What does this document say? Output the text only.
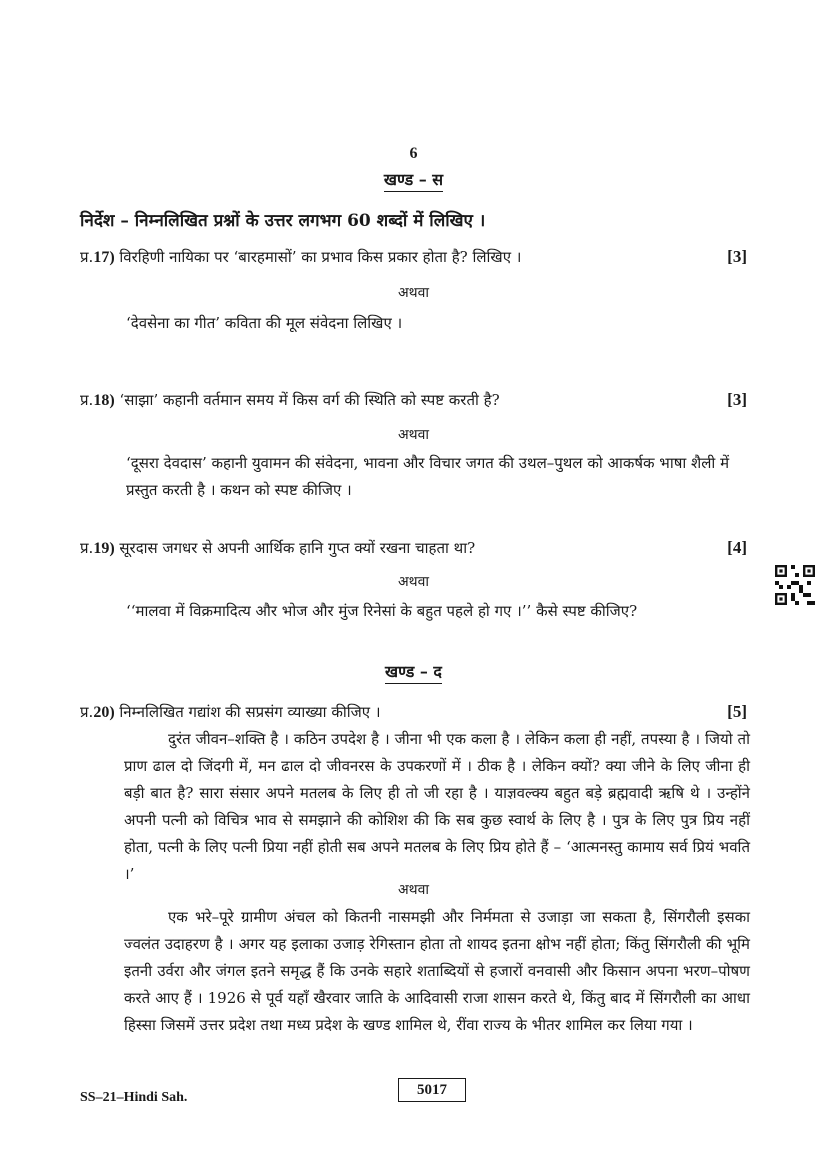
6
खण्ड – स
निर्देश – निम्नलिखित प्रश्नों के उत्तर लगभग 60 शब्दों में लिखिए ।
प्र.17) विरहिणी नायिका पर ‘बारहमासों’ का प्रभाव किस प्रकार होता है? लिखिए ।	[3]
अथवा
‘देवसेना का गीत’ कविता की मूल संवेदना लिखिए ।
प्र.18) ‘साझा’ कहानी वर्तमान समय में किस वर्ग की स्थिति को स्पष्ट करती है?	[3]
अथवा
‘दूसरा देवदास’ कहानी युवामन की संवेदना, भावना और विचार जगत की उथल–पुथल को आकर्षक भाषा शैली में प्रस्तुत करती है । कथन को स्पष्ट कीजिए ।
प्र.19) सूरदास जगधर से अपनी आर्थिक हानि गुप्त क्यों रखना चाहता था?	[4]
अथवा
‘‘मालवा में विक्रमादित्य और भोज और मुंज रिनेसां के बहुत पहले हो गए ।’’ कैसे स्पष्ट कीजिए?
खण्ड – द
प्र.20) निम्नलिखित गद्यांश की सप्रसंग व्याख्या कीजिए ।	[5]

दुरंत जीवन–शक्ति है । कठिन उपदेश है । जीना भी एक कला है । लेकिन कला ही नहीं, तपस्या है । जियो तो प्राण ढाल दो जिंदगी में, मन ढाल दो जीवनरस के उपकरणों में । ठीक है । लेकिन क्यों? क्या जीने के लिए जीना ही बड़ी बात है? सारा संसार अपने मतलब के लिए ही तो जी रहा है । याज्ञवल्क्य बहुत बड़े ब्रह्मवादी ऋषि थे । उन्होंने अपनी पत्नी को विचित्र भाव से समझाने की कोशिश की कि सब कुछ स्वार्थ के लिए है । पुत्र के लिए पुत्र प्रिय नहीं होता, पत्नी के लिए पत्नी प्रिया नहीं होती सब अपने मतलब के लिए प्रिय होते हैं – ‘आत्मनस्तु कामाय सर्व प्रियं भवति ।’

अथवा

एक भरे–पूरे ग्रामीण अंचल को कितनी नासमझी और निर्ममता से उजाड़ा जा सकता है, सिंगरौली इसका ज्वलंत उदाहरण है । अगर यह इलाका उजाड़ रेगिस्तान होता तो शायद इतना क्षोभ नहीं होता; किंतु सिंगरौली की भूमि इतनी उर्वरा और जंगल इतने समृद्ध हैं कि उनके सहारे शताब्दियों से हजारों वनवासी और किसान अपना भरण–पोषण करते आए हैं । 1926 से पूर्व यहाँ खैरवार जाति के आदिवासी राजा शासन करते थे, किंतु बाद में सिंगरौली का आधा हिस्सा जिसमें उत्तर प्रदेश तथा मध्य प्रदेश के खण्ड शामिल थे, रींवा राज्य के भीतर शामिल कर लिया गया ।

SS–21–Hindi Sah.	5017
